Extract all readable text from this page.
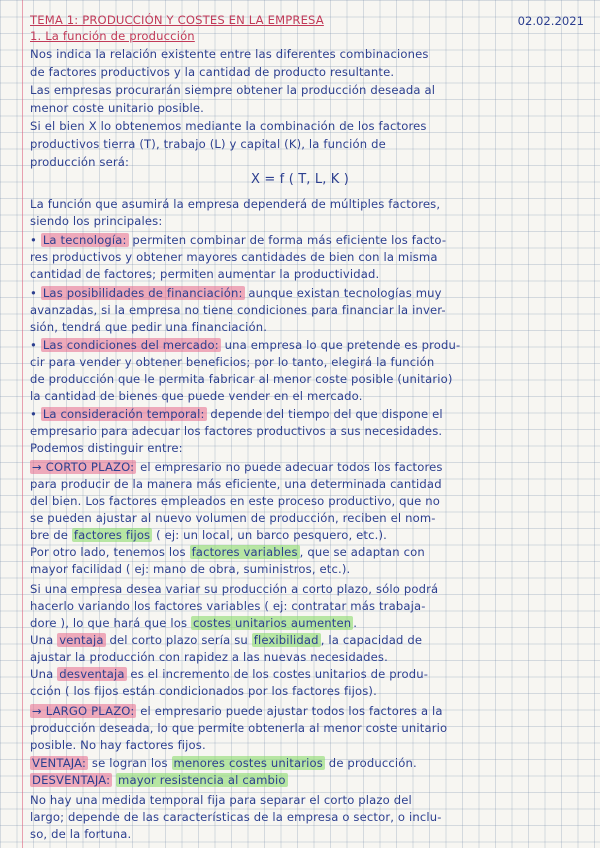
TEMA 1: PRODUCCIÓN Y COSTES EN LA EMPRESA	02.02.2021
1. La función de producción
Nos indica la relación existente entre las diferentes combinaciones
de factores productivos y la cantidad de producto resultante.
Las empresas procurarán siempre obtener la producción deseada al
menor coste unitario posible.
Si el bien X lo obtenemos mediante la combinación de los factores
productivos tierra (T), trabajo (L) y capital (K), la función de
producción será:
X = f ( T, L, K )
La función que asumirá la empresa dependerá de múltiples factores,
siendo los principales:
• La tecnología: permiten combinar de forma más eficiente los facto-
res productivos y obtener mayores cantidades de bien con la misma
cantidad de factores; permiten aumentar la productividad.
• Las posibilidades de financiación: aunque existan tecnologías muy
avanzadas, si la empresa no tiene condiciones para financiar la inver-
sión, tendrá que pedir una financiación.
• Las condiciones del mercado: una empresa lo que pretende es produ-
cir para vender y obtener beneficios; por lo tanto, elegirá la función
de producción que le permita fabricar al menor coste posible (unitario)
la cantidad de bienes que puede vender en el mercado.
• La consideración temporal: depende del tiempo del que dispone el
empresario para adecuar los factores productivos a sus necesidades.
Podemos distinguir entre:
→ CORTO PLAZO: el empresario no puede adecuar todos los factores
para producir de la manera más eficiente, una determinada cantidad
del bien. Los factores empleados en este proceso productivo, que no
se pueden ajustar al nuevo volumen de producción, reciben el nom-
bre de factores fijos ( ej: un local, un barco pesquero, etc.).
Por otro lado, tenemos los factores variables , que se adaptan con
mayor facilidad ( ej: mano de obra, suministros, etc.).
Si una empresa desea variar su producción a corto plazo, sólo podrá
hacerlo variando los factores variables ( ej: contratar más trabaja-
dore ), lo que hará que los costes unitarios aumenten .
Una ventaja del corto plazo sería su flexibilidad , la capacidad de
ajustar la producción con rapidez a las nuevas necesidades.
Una desventaja es el incremento de los costes unitarios de produ-
cción ( los fijos están condicionados por los factores fijos).
→ LARGO PLAZO: el empresario puede ajustar todos los factores a la
producción deseada, lo que permite obtenerla al menor coste unitario
posible. No hay factores fijos.
VENTAJA: se logran los menores costes unitarios de producción.
DESVENTAJA: mayor resistencia al cambio
No hay una medida temporal fija para separar el corto plazo del
largo; depende de las características de la empresa o sector, o inclu-
so, de la fortuna.
